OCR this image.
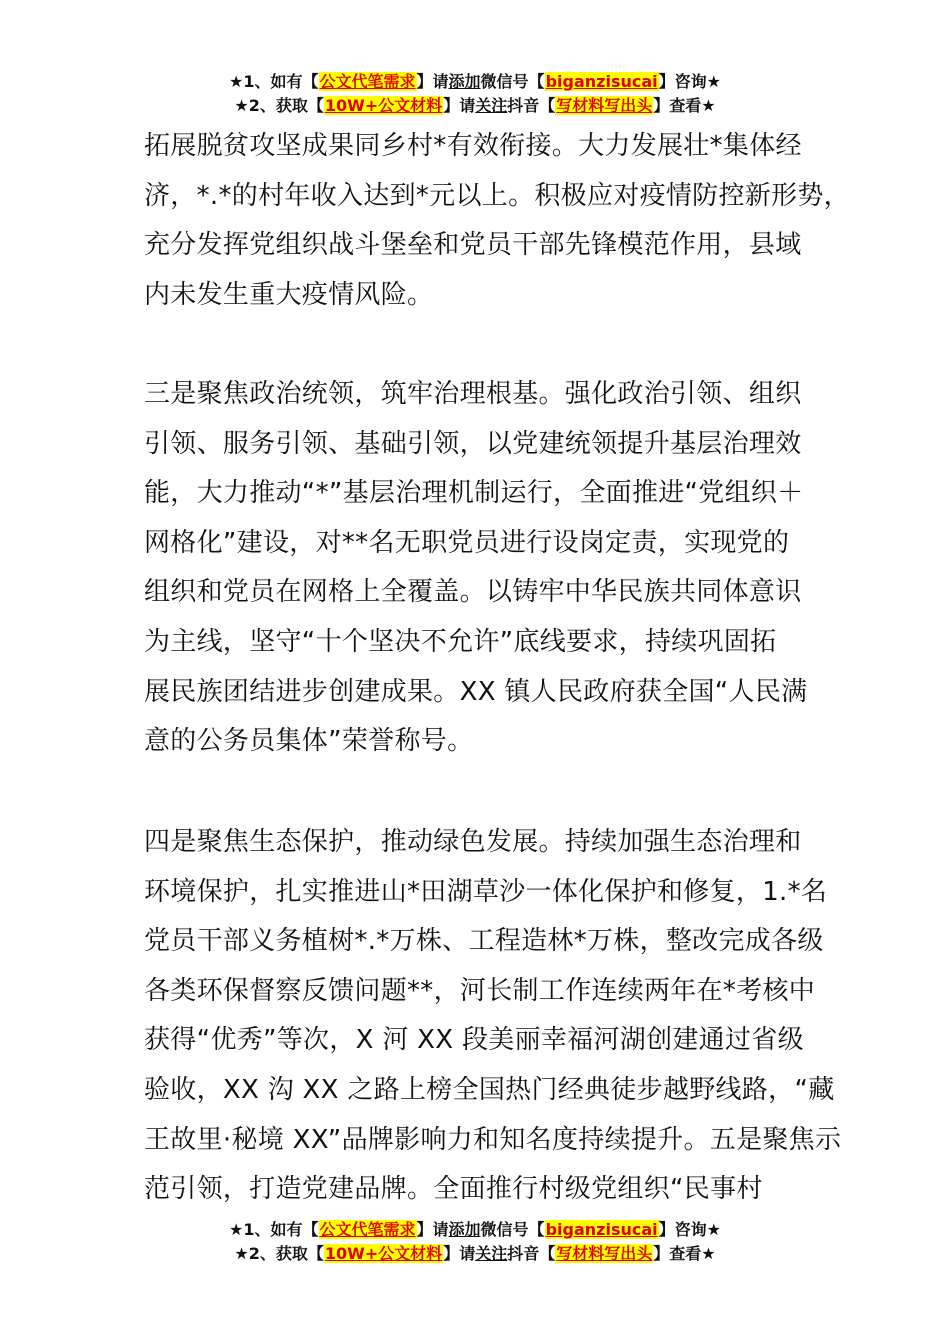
★1、如有【公文代笔需求】请添加微信号【biganzisucai】咨询★
★2、获取【10W+公文材料】请关注抖音【写材料写出头】查看★
拓展脱贫攻坚成果同乡村*有效衔接。大力发展壮*集体经
济，*.*的村年收入达到*元以上。积极应对疫情防控新形势，
充分发挥党组织战斗堡垒和党员干部先锋模范作用，县域
内未发生重大疫情风险。
三是聚焦政治统领，筑牢治理根基。强化政治引领、组织
引领、服务引领、基础引领，以党建统领提升基层治理效
能，大力推动“*”基层治理机制运行，全面推进“党组织＋
网格化”建设，对**名无职党员进行设岗定责，实现党的
组织和党员在网格上全覆盖。以铸牢中华民族共同体意识
为主线，坚守“十个坚决不允许”底线要求，持续巩固拓
展民族团结进步创建成果。XX 镇人民政府获全国“人民满
意的公务员集体”荣誉称号。
四是聚焦生态保护，推动绿色发展。持续加强生态治理和
环境保护，扎实推进山*田湖草沙一体化保护和修复，1.*名
党员干部义务植树*.*万株、工程造林*万株，整改完成各级
各类环保督察反馈问题**，河长制工作连续两年在*考核中
获得“优秀”等次，X 河 XX 段美丽幸福河湖创建通过省级
验收，XX 沟 XX 之路上榜全国热门经典徒步越野线路，“藏
王故里·秘境 XX”品牌影响力和知名度持续提升。五是聚焦示
范引领，打造党建品牌。全面推行村级党组织“民事村
★1、如有【公文代笔需求】请添加微信号【biganzisucai】咨询★
★2、获取【10W+公文材料】请关注抖音【写材料写出头】查看★
